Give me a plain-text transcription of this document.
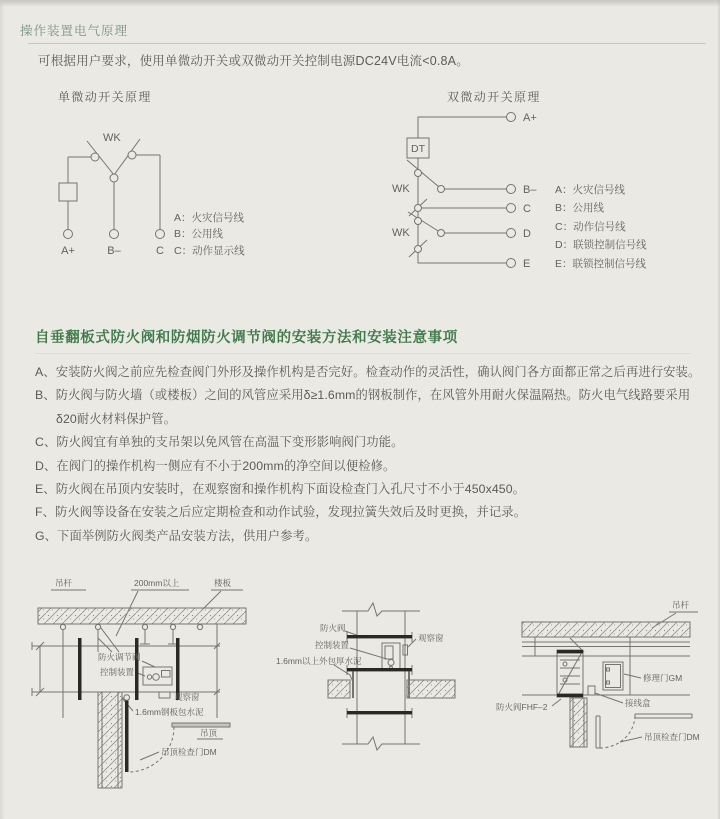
操作装置电气原理
可根据用户要求，使用单微动开关或双微动开关控制电源DC24V电流<0.8A。
单微动开关原理	双微动开关原理
WK
A+	B–	C
A：火灾信号线
B：公用线
C：动作显示线
DT
WK
WK
A+
B–
C
D
E
A：火灾信号线
B：公用线
C：动作信号线
D：联锁控制信号线
E：联锁控制信号线
自垂翻板式防火阀和防烟防火调节阀的安装方法和安装注意事项
A、安装防火阀之前应先检查阀门外形及操作机构是否完好。检查动作的灵活性，确认阀门各方面都正常之后再进行安装。
B、防火阀与防火墙（或楼板）之间的风管应采用δ≥1.6mm的钢板制作，在风管外用耐火保温隔热。防火电气线路要采用
δ20耐火材料保护管。
C、防火阀宜有单独的支吊架以免风管在高温下变形影响阀门功能。
D、在阀门的操作机构一侧应有不小于200mm的净空间以便检修。
E、防火阀在吊顶内安装时，在观察窗和操作机构下面设检查门入孔尺寸不小于450x450。
F、防火阀等设备在安装之后应定期检查和动作试验，发现拉簧失效后及时更换，并记录。
G、下面举例防火阀类产品安装方法，供用户参考。
吊杆	200mm以上	楼板
防火调节阀
控制装置
观察窗
1.6mm钢板包水泥
吊顶
吊顶检查门DM
防火阀
观察窗
控制装置
1.6mm以上外包厚水泥
吊杆
修理门GM
接线盒
防火阀FHF–2
吊顶检查门DM
